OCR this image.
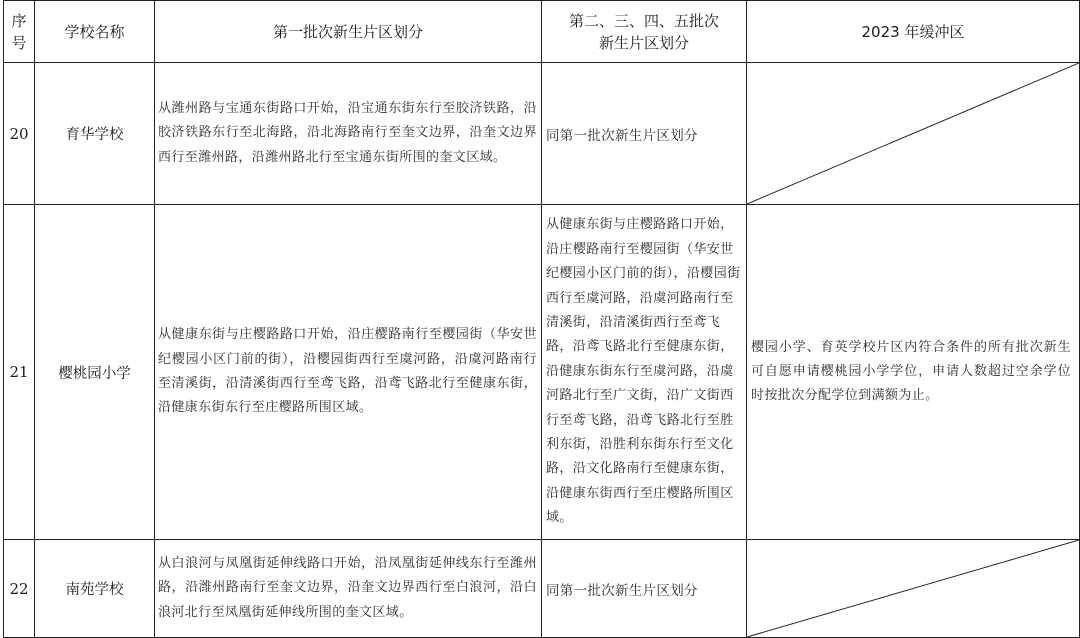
序号	学校名称	第一批次新生片区划分	第二、三、四、五批次新生片区划分	2023 年缓冲区
20	育华学校	从潍州路与宝通东街路口开始，沿宝通东街东行至胶济铁路，沿胶济铁路东行至北海路，沿北海路南行至奎文边界，沿奎文边界西行至潍州路，沿潍州路北行至宝通东街所围的奎文区域。	同第一批次新生片区划分	

21	樱桃园小学	从健康东街与庄樱路路口开始，沿庄樱路南行至樱园街（华安世纪樱园小区门前的街），沿樱园街西行至虞河路，沿虞河路南行至清溪街，沿清溪街西行至鸢飞路，沿鸢飞路北行至健康东街，沿健康东街东行至庄樱路所围区域。	从健康东街与庄樱路路口开始，沿庄樱路南行至樱园街（华安世纪樱园小区门前的街），沿樱园街西行至虞河路，沿虞河路南行至清溪街，沿清溪街西行至鸢飞路，沿鸢飞路北行至健康东街，沿健康东街东行至虞河路，沿虞河路北行至广文街，沿广文街西行至鸢飞路，沿鸢飞路北行至胜利东街，沿胜利东街东行至文化路，沿文化路南行至健康东街，沿健康东街西行至庄樱路所围区域。	樱园小学、育英学校片区内符合条件的所有批次新生可自愿申请樱桃园小学学位，申请人数超过空余学位时按批次分配学位到满额为止。
22	南苑学校	从白浪河与凤凰街延伸线路口开始，沿凤凰街延伸线东行至潍州路，沿潍州路南行至奎文边界，沿奎文边界西行至白浪河，沿白浪河北行至凤凰街延伸线所围的奎文区域。	同第一批次新生片区划分	
